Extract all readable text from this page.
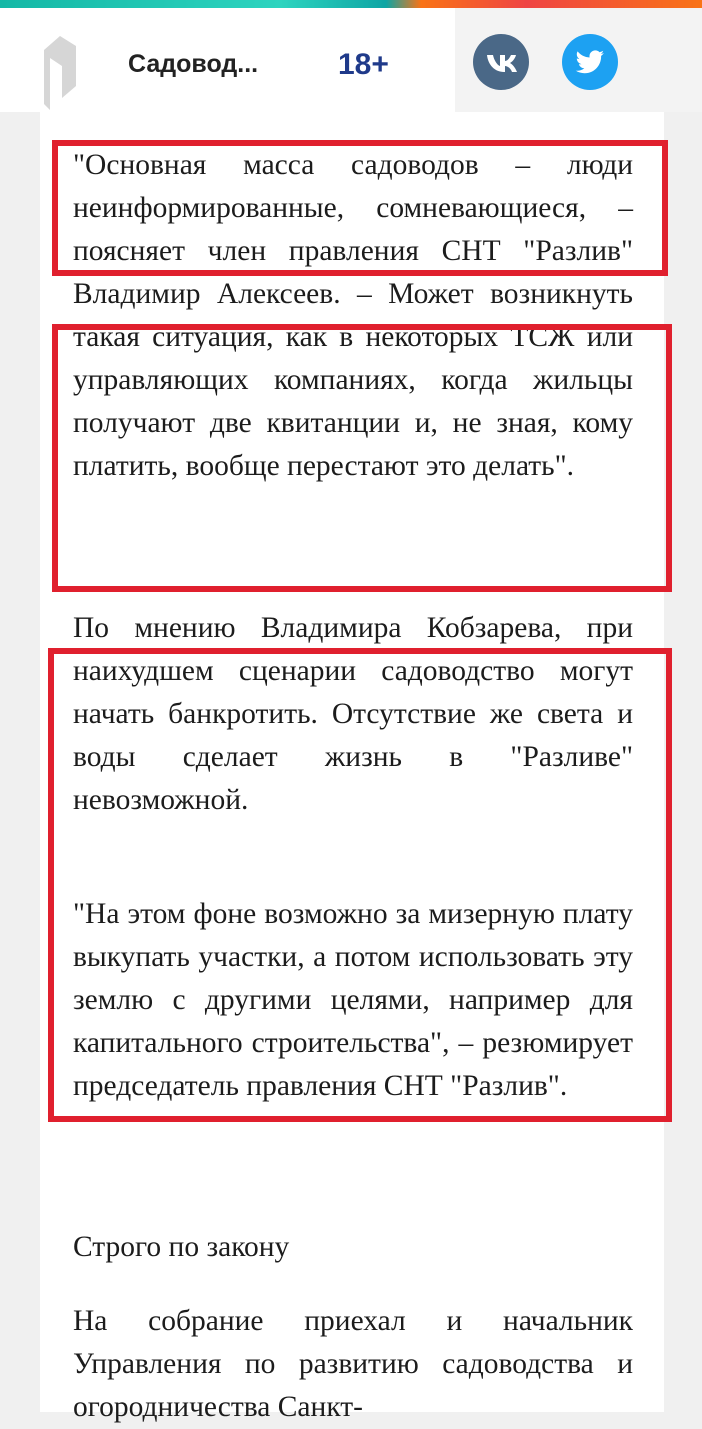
Садовод...	18+

"Основная масса садоводов – люди неинформированные, сомневающиеся, – поясняет член правления СНТ "Разлив" Владимир Алексеев. – Может возникнуть такая ситуация, как в некоторых ТСЖ или управляющих компаниях, когда жильцы получают две квитанции и, не зная, кому платить, вообще перестают это делать".

По мнению Владимира Кобзарева, при наихудшем сценарии садоводство могут начать банкротить. Отсутствие же света и воды сделает жизнь в "Разливе" невозможной.

"На этом фоне возможно за мизерную плату выкупать участки, а потом использовать эту землю с другими целями, например для капитального строительства", – резюмирует председатель правления СНТ "Разлив".

Строго по закону

На собрание приехал и начальник Управления по развитию садоводства и огородничества Санкт-
